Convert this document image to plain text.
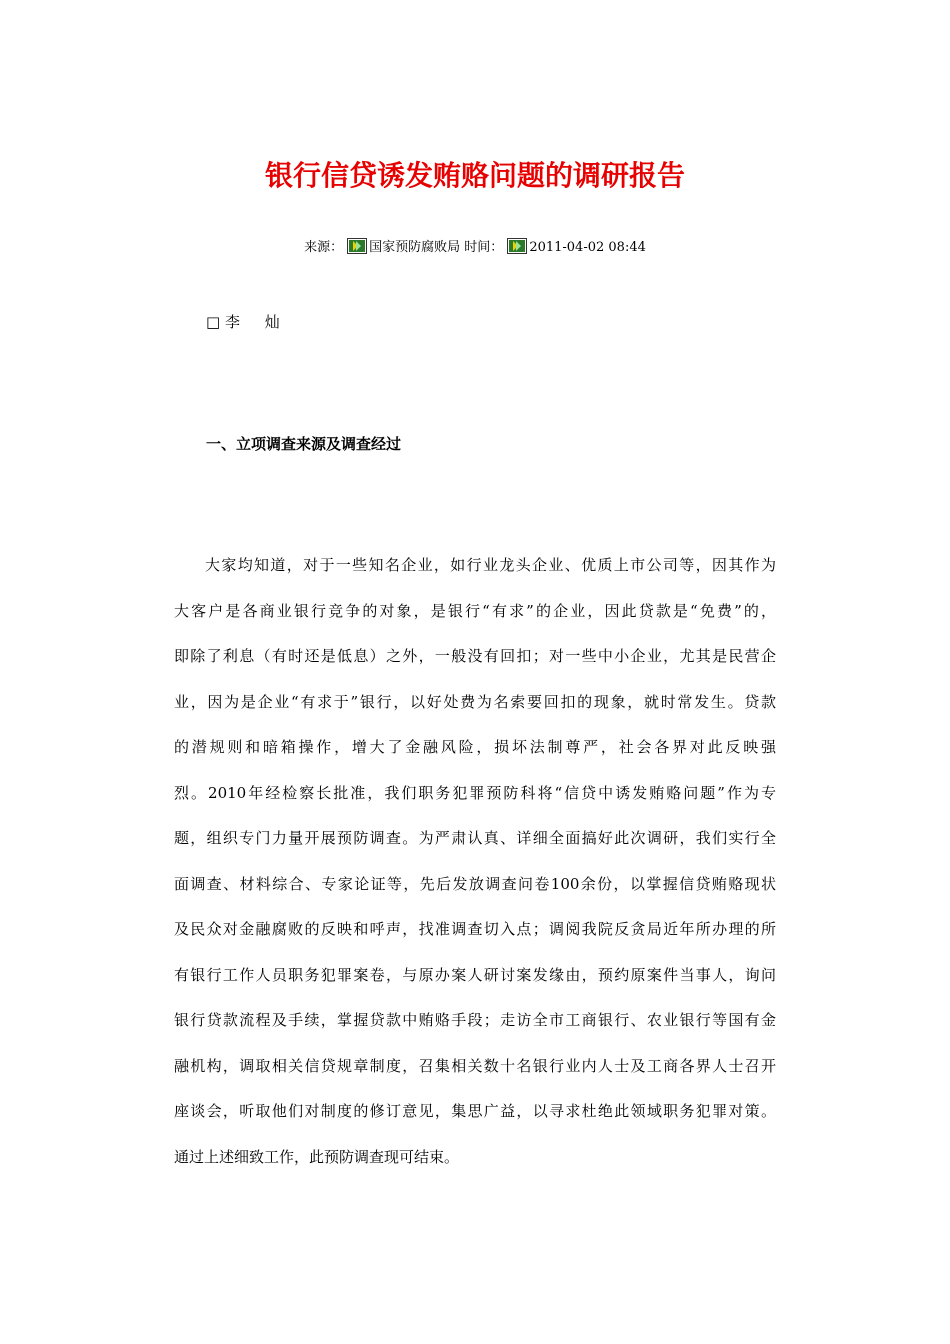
银行信贷诱发贿赂问题的调研报告
来源： 国家预防腐败局 时间： 2011-04-02 08:44
□ 李 灿
一、立项调查来源及调查经过
大家均知道，对于一些知名企业，如行业龙头企业、优质上市公司等，因其作为
大客户是各商业银行竞争的对象，是银行“有求”的企业，因此贷款是“免费”的，
即除了利息（有时还是低息）之外，一般没有回扣；对一些中小企业，尤其是民营企
业，因为是企业“有求于”银行，以好处费为名索要回扣的现象，就时常发生。贷款
的潜规则和暗箱操作，增大了金融风险，损坏法制尊严，社会各界对此反映强
烈。2010年经检察长批准，我们职务犯罪预防科将“信贷中诱发贿赂问题”作为专
题，组织专门力量开展预防调查。为严肃认真、详细全面搞好此次调研，我们实行全
面调查、材料综合、专家论证等，先后发放调查问卷100余份，以掌握信贷贿赂现状
及民众对金融腐败的反映和呼声，找准调查切入点；调阅我院反贪局近年所办理的所
有银行工作人员职务犯罪案卷，与原办案人研讨案发缘由，预约原案件当事人，询问
银行贷款流程及手续，掌握贷款中贿赂手段；走访全市工商银行、农业银行等国有金
融机构，调取相关信贷规章制度，召集相关数十名银行业内人士及工商各界人士召开
座谈会，听取他们对制度的修订意见，集思广益，以寻求杜绝此领域职务犯罪对策。
通过上述细致工作，此预防调查现可结束。
